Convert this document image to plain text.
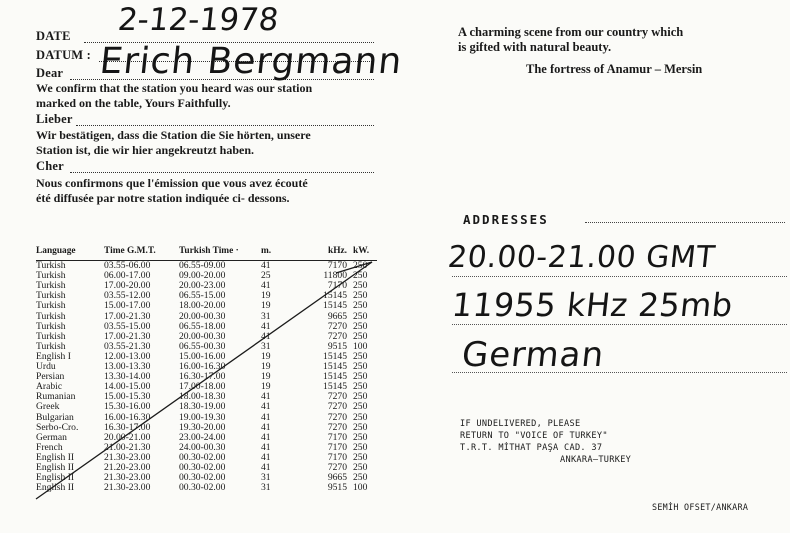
DATE 2-12-1978
DATUM :
Dear Erich Bergmann
We confirm that the station you heard was our station
marked on the table, Yours Faithfully.
Lieber
Wir bestätigen, dass die Station die Sie hörten, unsere
Station ist, die wir hier angekreutzt haben.
Cher
Nous confirmons que l'émission que vous avez écouté
été diffusée par notre station indiquée ci- dessons.
A charming scene from our country which
is gifted with natural beauty.
The fortress of Anamur – Mersin
Language	Time G.M.T.	Turkish Time ·	m.	kHz.	kW.
Turkish	03.55-06.00	06.55-09.00	41	7170	250
Turkish	06.00-17.00	09.00-20.00	25	11800	250
Turkish	17.00-20.00	20.00-23.00	41	7170	250
Turkish	03.55-12.00	06.55-15.00	19	15145	250
Turkish	15.00-17.00	18.00-20.00	19	15145	250
Turkish	17.00-21.30	20.00-00.30	31	9665	250
Turkish	03.55-15.00	06.55-18.00	41	7270	250
Turkish	17.00-21.30	20.00-00.30	41	7270	250
Turkish	03.55-21.30	06.55-00.30	31	9515	100
English I	12.00-13.00	15.00-16.00	19	15145	250
Urdu	13.00-13.30	16.00-16.30	19	15145	250
Persian	13.30-14.00	16.30-17.00	19	15145	250
Arabic	14.00-15.00	17.00-18.00	19	15145	250
Rumanian	15.00-15.30	18.00-18.30	41	7270	250
Greek	15.30-16.00	18.30-19.00	41	7270	250
Bulgarian	16.00-16.30	19.00-19.30	41	7270	250
Serbo-Cro.	16.30-17.00	19.30-20.00	41	7270	250
German	20.00-21.00	23.00-24.00	41	7170	250
French	21.00-21.30	24.00-00.30	41	7170	250
English II	21.30-23.00	00.30-02.00	41	7170	250
English II	21.20-23.00	00.30-02.00	41	7270	250
English II	21.30-23.00	00.30-02.00	31	9665	250
English II	21.30-23.00	00.30-02.00	31	9515	100
ADDRESSES
20.00-21.00 GMT
11955 kHz 25mb
German
IF UNDELIVERED, PLEASE
RETURN TO "VOICE OF TURKEY"
T.R.T. MİTHAT PAŞA CAD. 37
ANKARA—TURKEY
SEMİH OFSET/ANKARA
